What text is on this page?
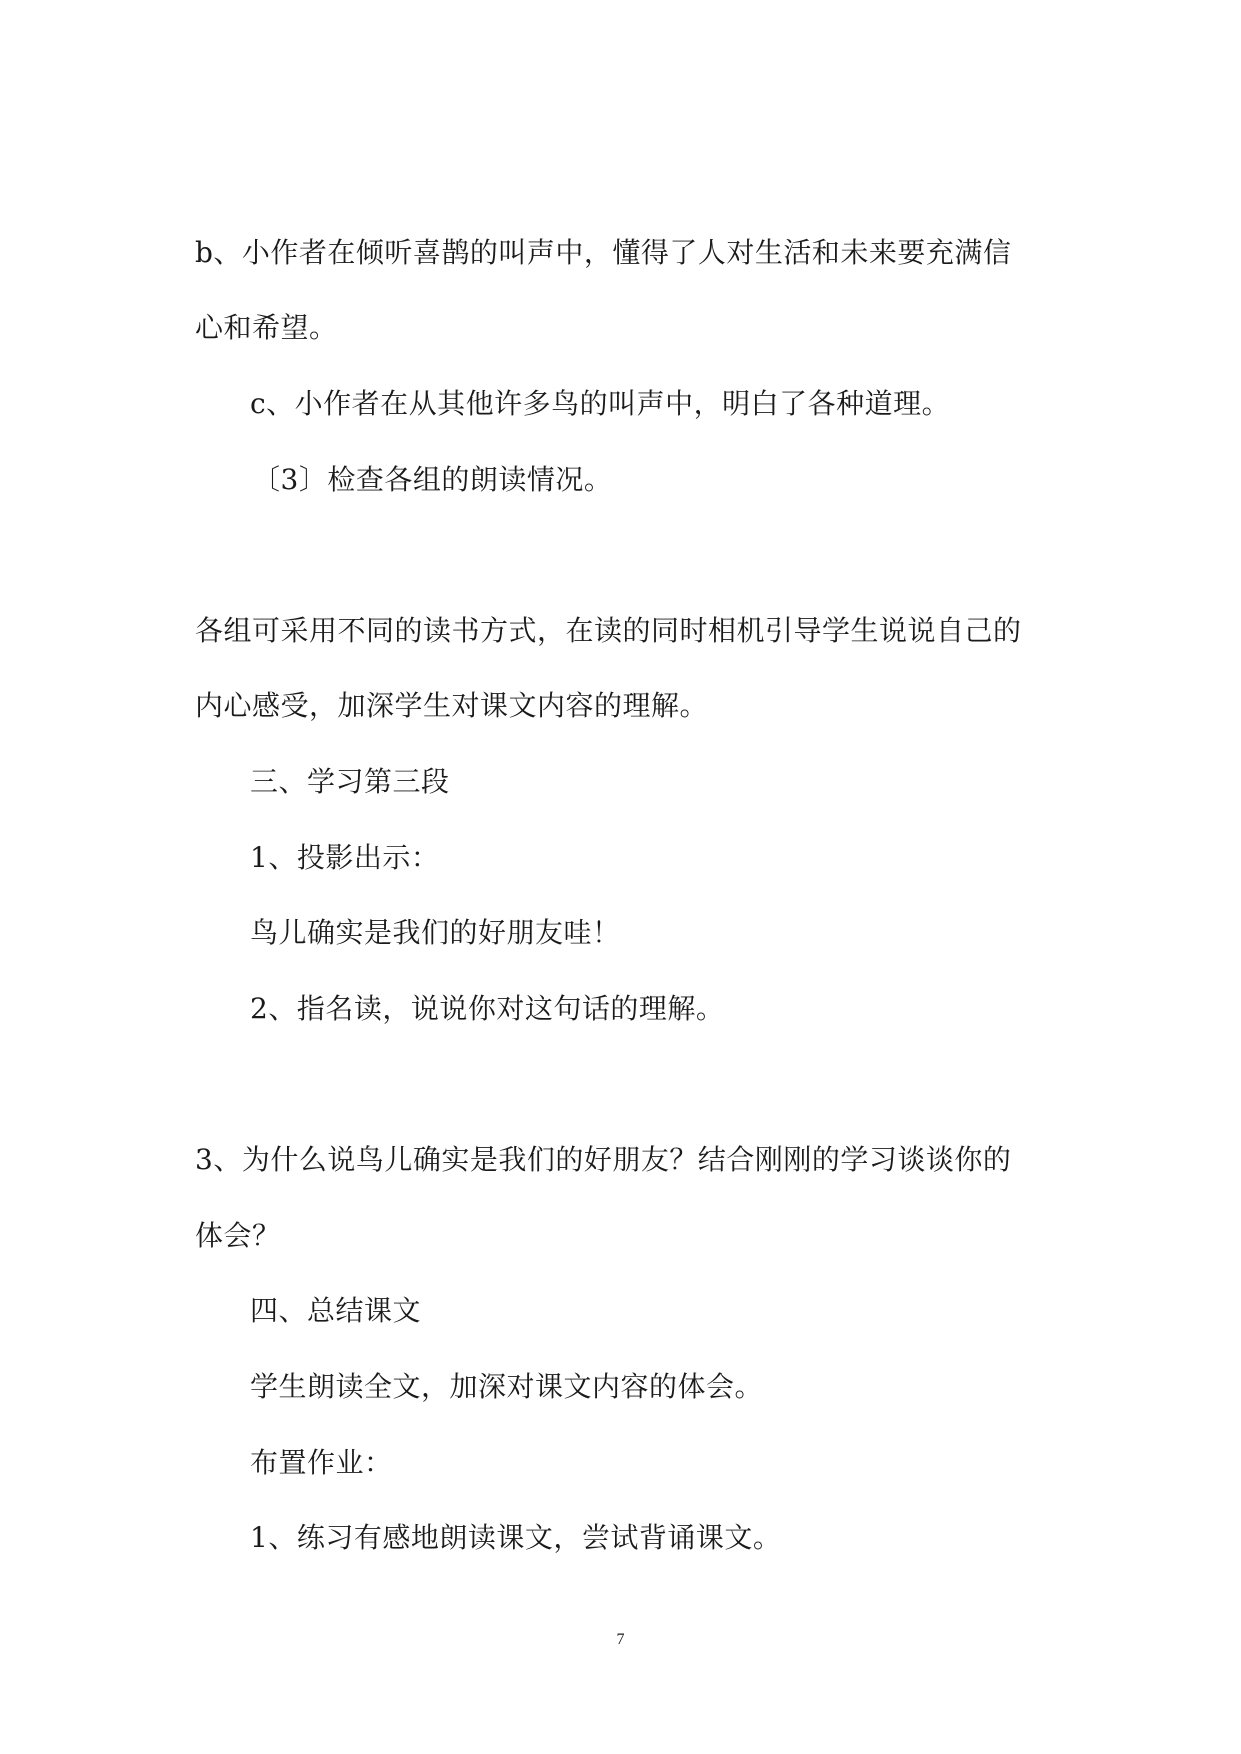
b、小作者在倾听喜鹊的叫声中，懂得了人对生活和未来要充满信

心和希望。

c、小作者在从其他许多鸟的叫声中，明白了各种道理。

〔3〕检查各组的朗读情况。

各组可采用不同的读书方式，在读的同时相机引导学生说说自己的

内心感受，加深学生对课文内容的理解。

三、学习第三段

1、投影出示：

鸟儿确实是我们的好朋友哇！

2、指名读，说说你对这句话的理解。

3、为什么说鸟儿确实是我们的好朋友？结合刚刚的学习谈谈你的

体会？

四、总结课文

学生朗读全文，加深对课文内容的体会。

布置作业：

1、练习有感地朗读课文，尝试背诵课文。

7
